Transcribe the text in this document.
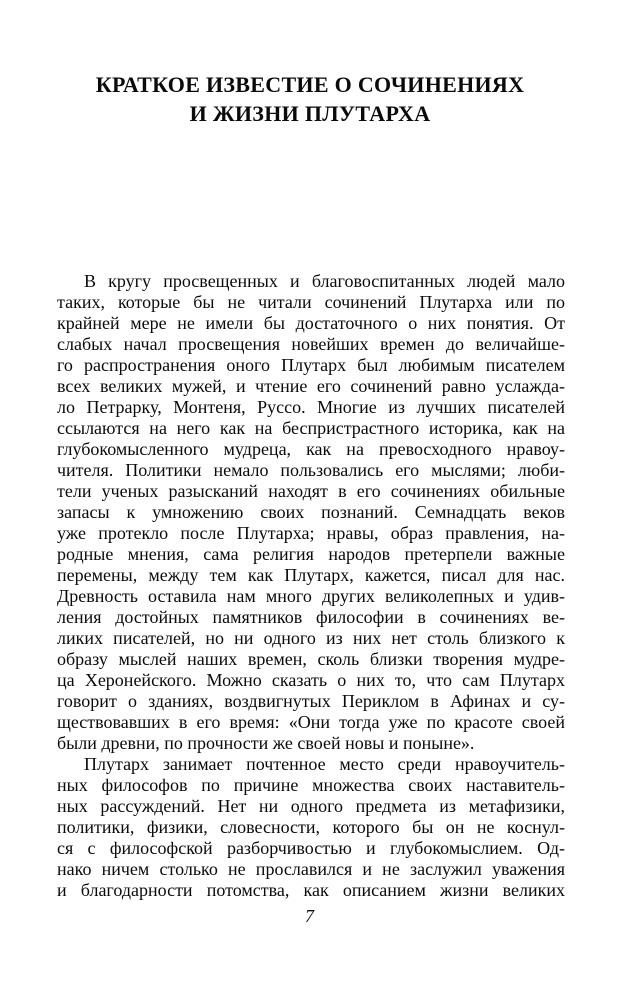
КРАТКОЕ ИЗВЕСТИЕ О СОЧИНЕНИЯХ
И ЖИЗНИ ПЛУТАРХА
В кругу просвещенных и благовоспитанных людей мало
таких, которые бы не читали сочинений Плутарха или по
крайней мере не имели бы достаточного о них понятия. От
слабых начал просвещения новейших времен до величайше-
го распространения оного Плутарх был любимым писателем
всех великих мужей, и чтение его сочинений равно услажда-
ло Петрарку, Монтеня, Руссо. Многие из лучших писателей
ссылаются на него как на беспристрастного историка, как на
глубокомысленного мудреца, как на превосходного нравоу-
чителя. Политики немало пользовались его мыслями; люби-
тели ученых разысканий находят в его сочинениях обильные
запасы к умножению своих познаний. Семнадцать веков
уже протекло после Плутарха; нравы, образ правления, на-
родные мнения, сама религия народов претерпели важные
перемены, между тем как Плутарх, кажется, писал для нас.
Древность оставила нам много других великолепных и удив-
ления достойных памятников философии в сочинениях ве-
ликих писателей, но ни одного из них нет столь близкого к
образу мыслей наших времен, сколь близки творения мудре-
ца Херонейского. Можно сказать о них то, что сам Плутарх
говорит о зданиях, воздвигнутых Периклом в Афинах и су-
ществовавших в его время: «Они тогда уже по красоте своей
были древни, по прочности же своей новы и поныне».
Плутарх занимает почтенное место среди нравоучитель-
ных философов по причине множества своих наставитель-
ных рассуждений. Нет ни одного предмета из метафизики,
политики, физики, словесности, которого бы он не коснул-
ся с философской разборчивостью и глубокомыслием. Од-
нако ничем столько не прославился и не заслужил уважения
и благодарности потомства, как описанием жизни великих
7
